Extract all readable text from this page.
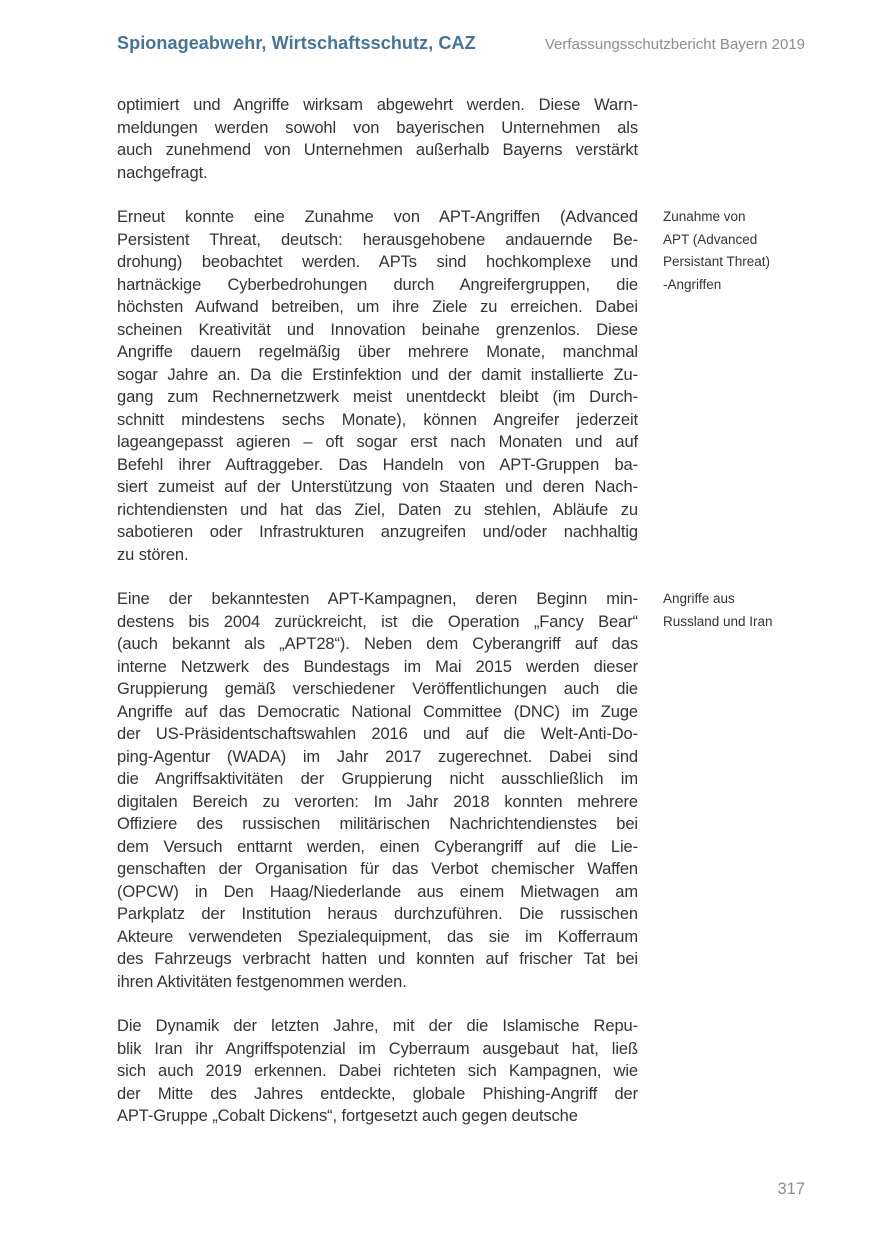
Spionageabwehr, Wirtschaftsschutz, CAZ	Verfassungsschutzbericht Bayern 2019
optimiert und Angriffe wirksam abgewehrt werden. Diese Warn-
meldungen werden sowohl von bayerischen Unternehmen als
auch zunehmend von Unternehmen außerhalb Bayerns verstärkt
nachgefragt.
Erneut konnte eine Zunahme von APT-Angriffen (Advanced
Persistent Threat, deutsch: herausgehobene andauernde Be-
drohung) beobachtet werden. APTs sind hochkomplexe und
hartnäckige Cyberbedrohungen durch Angreifergruppen, die
höchsten Aufwand betreiben, um ihre Ziele zu erreichen. Dabei
scheinen Kreativität und Innovation beinahe grenzenlos. Diese
Angriffe dauern regelmäßig über mehrere Monate, manchmal
sogar Jahre an. Da die Erstinfektion und der damit installierte Zu-
gang zum Rechnernetzwerk meist unentdeckt bleibt (im Durch-
schnitt mindestens sechs Monate), können Angreifer jederzeit
lageangepasst agieren – oft sogar erst nach Monaten und auf
Befehl ihrer Auftraggeber. Das Handeln von APT-Gruppen ba-
siert zumeist auf der Unterstützung von Staaten und deren Nach-
richtendiensten und hat das Ziel, Daten zu stehlen, Abläufe zu
sabotieren oder Infrastrukturen anzugreifen und/oder nachhaltig
zu stören.
Eine der bekanntesten APT-Kampagnen, deren Beginn min-
destens bis 2004 zurückreicht, ist die Operation „Fancy Bear“
(auch bekannt als „APT28“). Neben dem Cyberangriff auf das
interne Netzwerk des Bundestags im Mai 2015 werden dieser
Gruppierung gemäß verschiedener Veröffentlichungen auch die
Angriffe auf das Democratic National Committee (DNC) im Zuge
der US-Präsidentschaftswahlen 2016 und auf die Welt-Anti-Do-
ping-Agentur (WADA) im Jahr 2017 zugerechnet. Dabei sind
die Angriffsaktivitäten der Gruppierung nicht ausschließlich im
digitalen Bereich zu verorten: Im Jahr 2018 konnten mehrere
Offiziere des russischen militärischen Nachrichtendienstes bei
dem Versuch enttarnt werden, einen Cyberangriff auf die Lie-
genschaften der Organisation für das Verbot chemischer Waffen
(OPCW) in Den Haag/Niederlande aus einem Mietwagen am
Parkplatz der Institution heraus durchzuführen. Die russischen
Akteure verwendeten Spezialequipment, das sie im Kofferraum
des Fahrzeugs verbracht hatten und konnten auf frischer Tat bei
ihren Aktivitäten festgenommen werden.
Die Dynamik der letzten Jahre, mit der die Islamische Repu-
blik Iran ihr Angriffspotenzial im Cyberraum ausgebaut hat, ließ
sich auch 2019 erkennen. Dabei richteten sich Kampagnen, wie
der Mitte des Jahres entdeckte, globale Phishing-Angriff der
APT-Gruppe „Cobalt Dickens“, fortgesetzt auch gegen deutsche
317
Zunahme von
APT (Advanced
Persistant Threat)
-Angriffen
Angriffe aus
Russland und Iran
